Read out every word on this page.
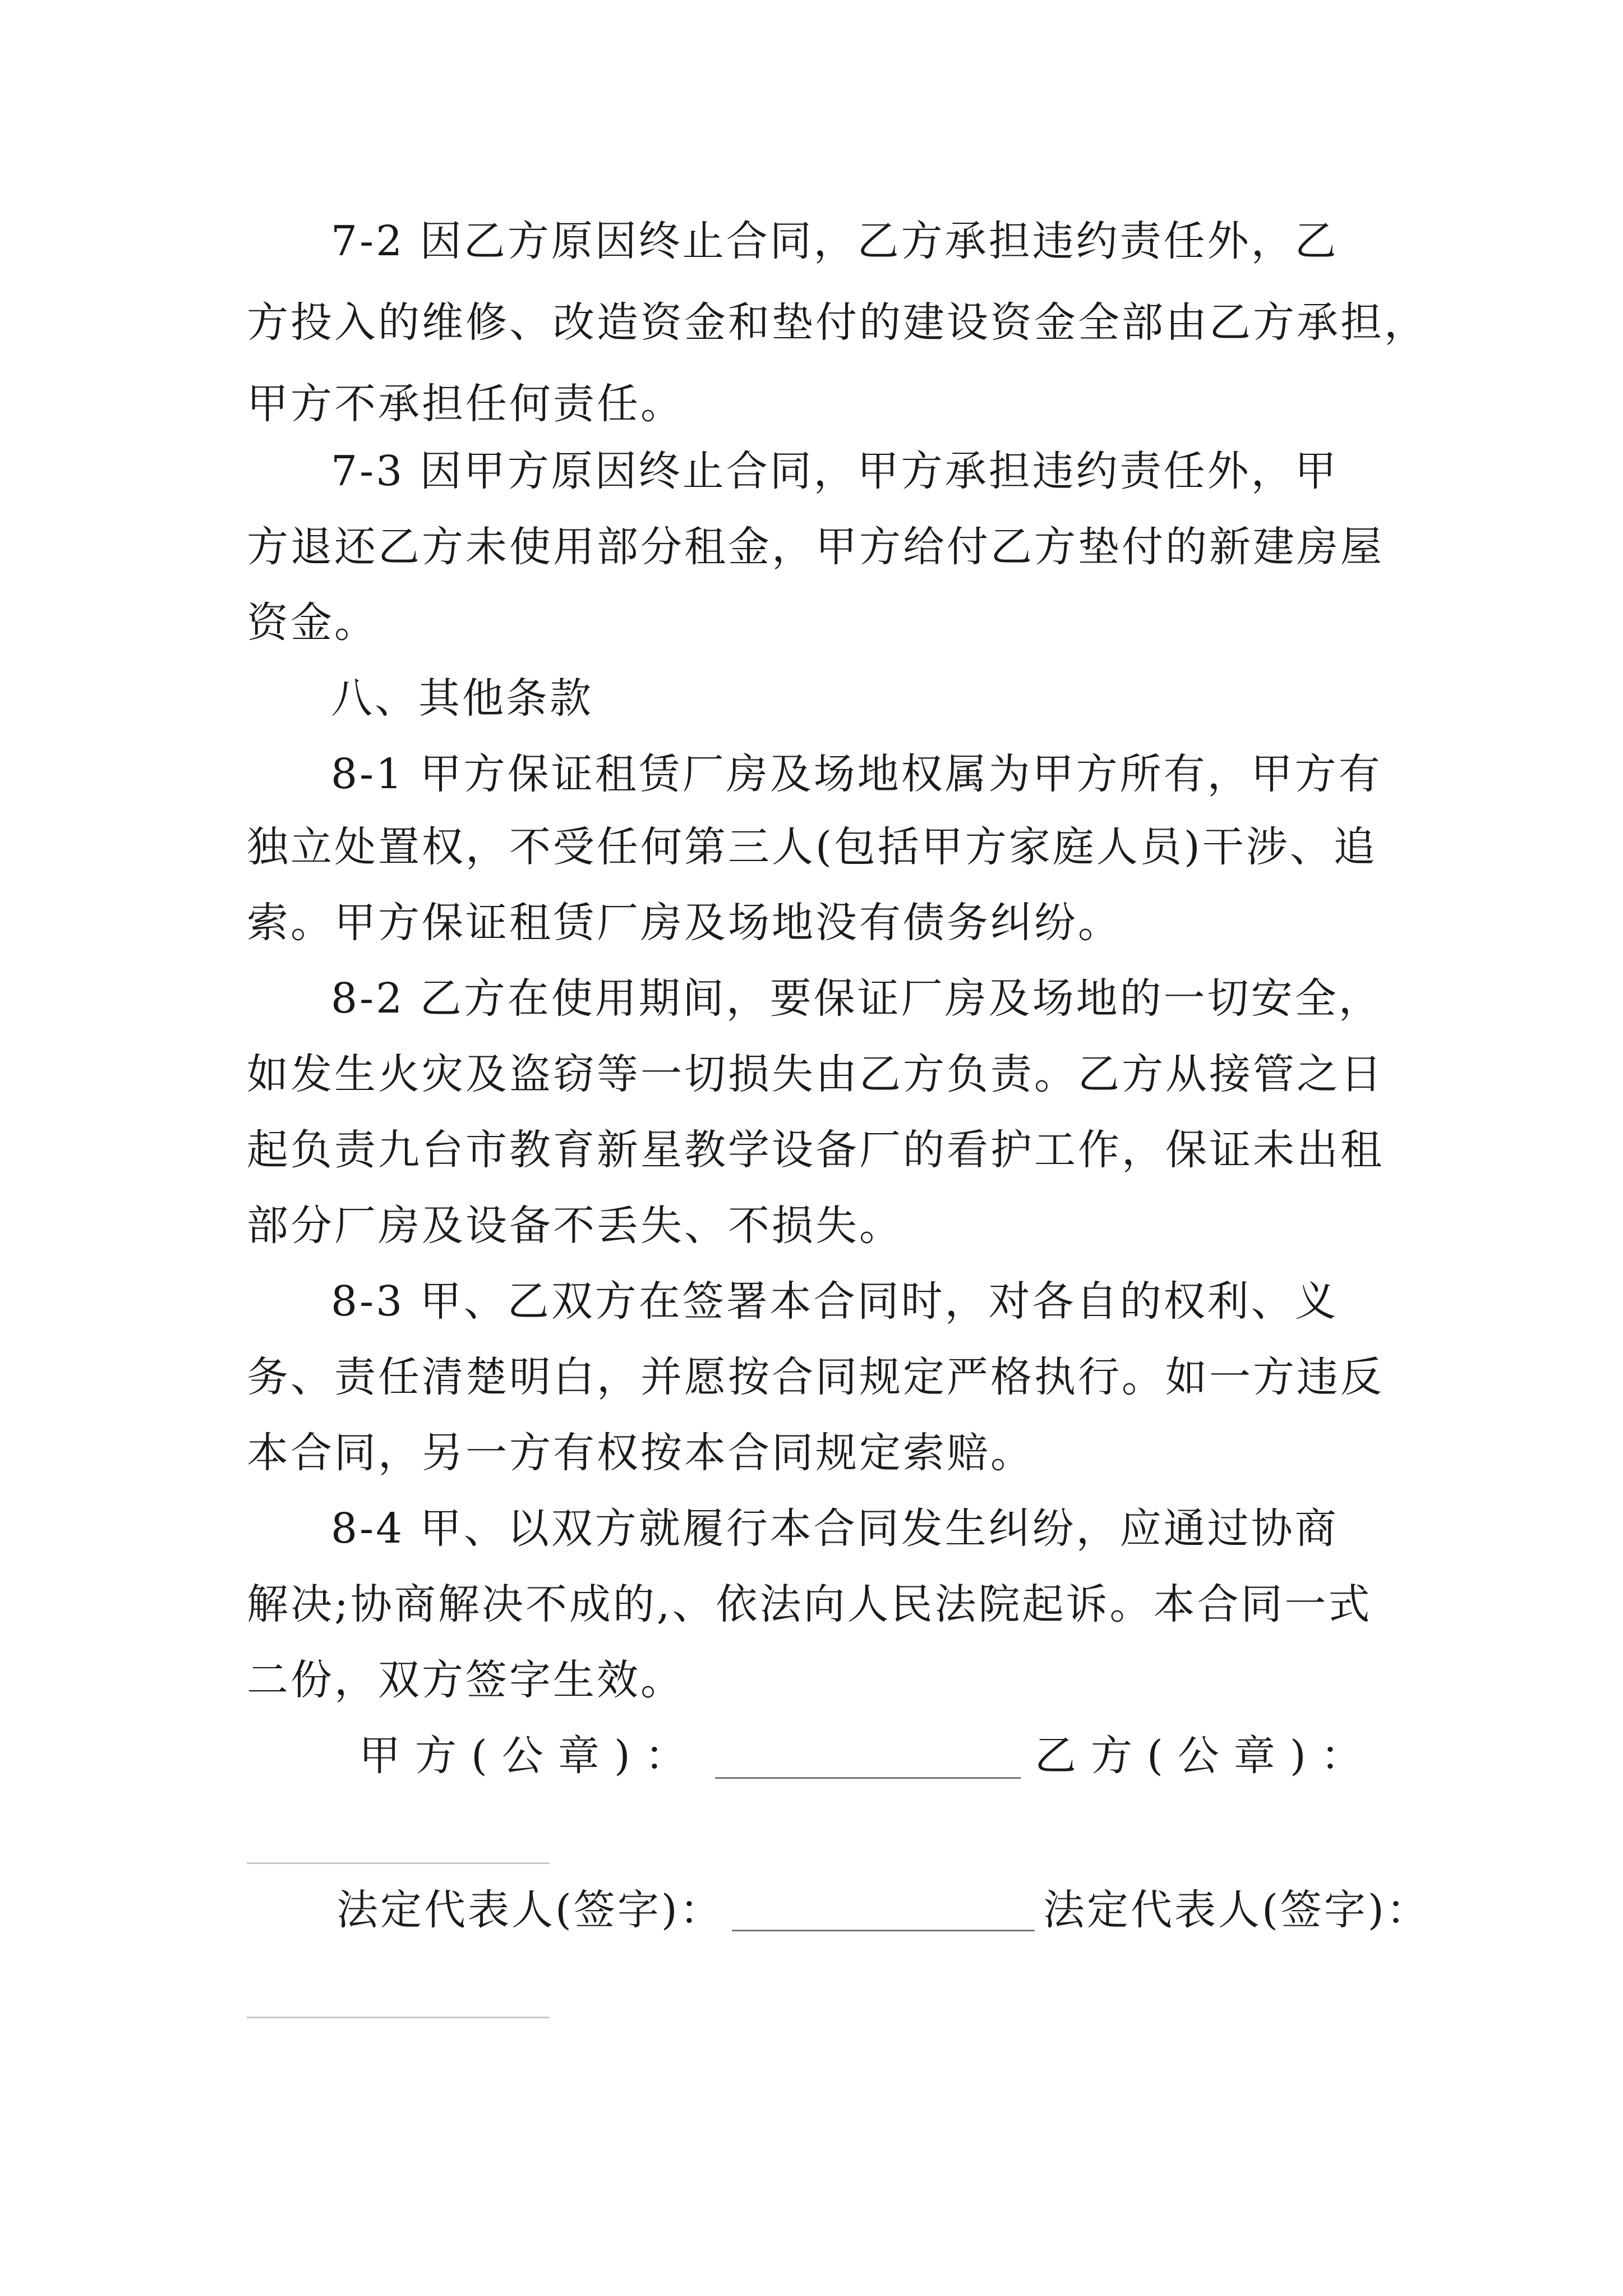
7-2 因乙方原因终止合同，乙方承担违约责任外，乙
方投入的维修、改造资金和垫付的建设资金全部由乙方承担，
甲方不承担任何责任。
7-3 因甲方原因终止合同，甲方承担违约责任外，甲
方退还乙方未使用部分租金，甲方给付乙方垫付的新建房屋
资金。
八、其他条款
8-1 甲方保证租赁厂房及场地权属为甲方所有，甲方有
独立处置权，不受任何第三人(包括甲方家庭人员)干涉、追
索。甲方保证租赁厂房及场地没有债务纠纷。
8-2 乙方在使用期间，要保证厂房及场地的一切安全，
如发生火灾及盗窃等一切损失由乙方负责。乙方从接管之日
起负责九台市教育新星教学设备厂的看护工作，保证未出租
部分厂房及设备不丢失、不损失。
8-3 甲、乙双方在签署本合同时，对各自的权利、义
务、责任清楚明白，并愿按合同规定严格执行。如一方违反
本合同，另一方有权按本合同规定索赔。
8-4 甲、以双方就履行本合同发生纠纷，应通过协商
解决;协商解决不成的,、依法向人民法院起诉。本合同一式
二份，双方签字生效。
甲方(公章)：	乙方(公章)：
法定代表人(签字)：	法定代表人(签字)：
